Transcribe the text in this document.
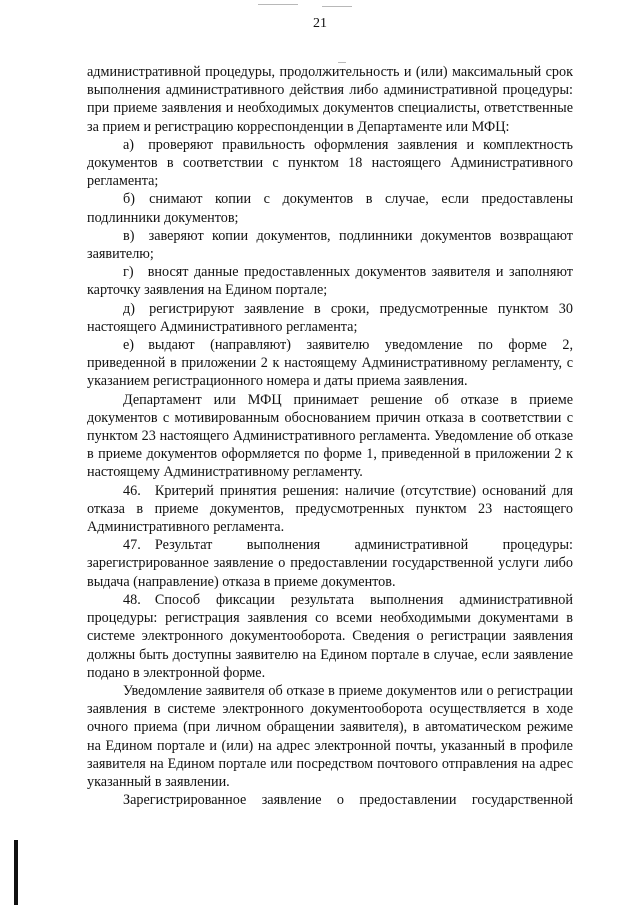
21

административной процедуры, продолжительность и (или) максимальный срок выполнения административного действия либо административной процедуры: при приеме заявления и необходимых документов специалисты, ответственные за прием и регистрацию корреспонденции в Департаменте или МФЦ:

а) проверяют правильность оформления заявления и комплектность документов в соответствии с пунктом 18 настоящего Административного регламента;

б) снимают копии с документов в случае, если предоставлены подлинники документов;

в) заверяют копии документов, подлинники документов возвращают заявителю;

г) вносят данные предоставленных документов заявителя и заполняют карточку заявления на Едином портале;

д) регистрируют заявление в сроки, предусмотренные пунктом 30 настоящего Административного регламента;

е) выдают (направляют) заявителю уведомление по форме 2, приведенной в приложении 2 к настоящему Административному регламенту, с указанием регистрационного номера и даты приема заявления.

Департамент или МФЦ принимает решение об отказе в приеме документов с мотивированным обоснованием причин отказа в соответствии с пунктом 23 настоящего Административного регламента. Уведомление об отказе в приеме документов оформляется по форме 1, приведенной в приложении 2 к настоящему Административному регламенту.

46. Критерий принятия решения: наличие (отсутствие) оснований для отказа в приеме документов, предусмотренных пунктом 23 настоящего Административного регламента.

47. Результат выполнения административной процедуры: зарегистрированное заявление о предоставлении государственной услуги либо выдача (направление) отказа в приеме документов.

48. Способ фиксации результата выполнения административной процедуры: регистрация заявления со всеми необходимыми документами в системе электронного документооборота. Сведения о регистрации заявления должны быть доступны заявителю на Едином портале в случае, если заявление подано в электронной форме.

Уведомление заявителя об отказе в приеме документов или о регистрации заявления в системе электронного документооборота осуществляется в ходе очного приема (при личном обращении заявителя), в автоматическом режиме на Едином портале и (или) на адрес электронной почты, указанный в профиле заявителя на Едином портале или посредством почтового отправления на адрес указанный в заявлении.

Зарегистрированное заявление о предоставлении государственной
